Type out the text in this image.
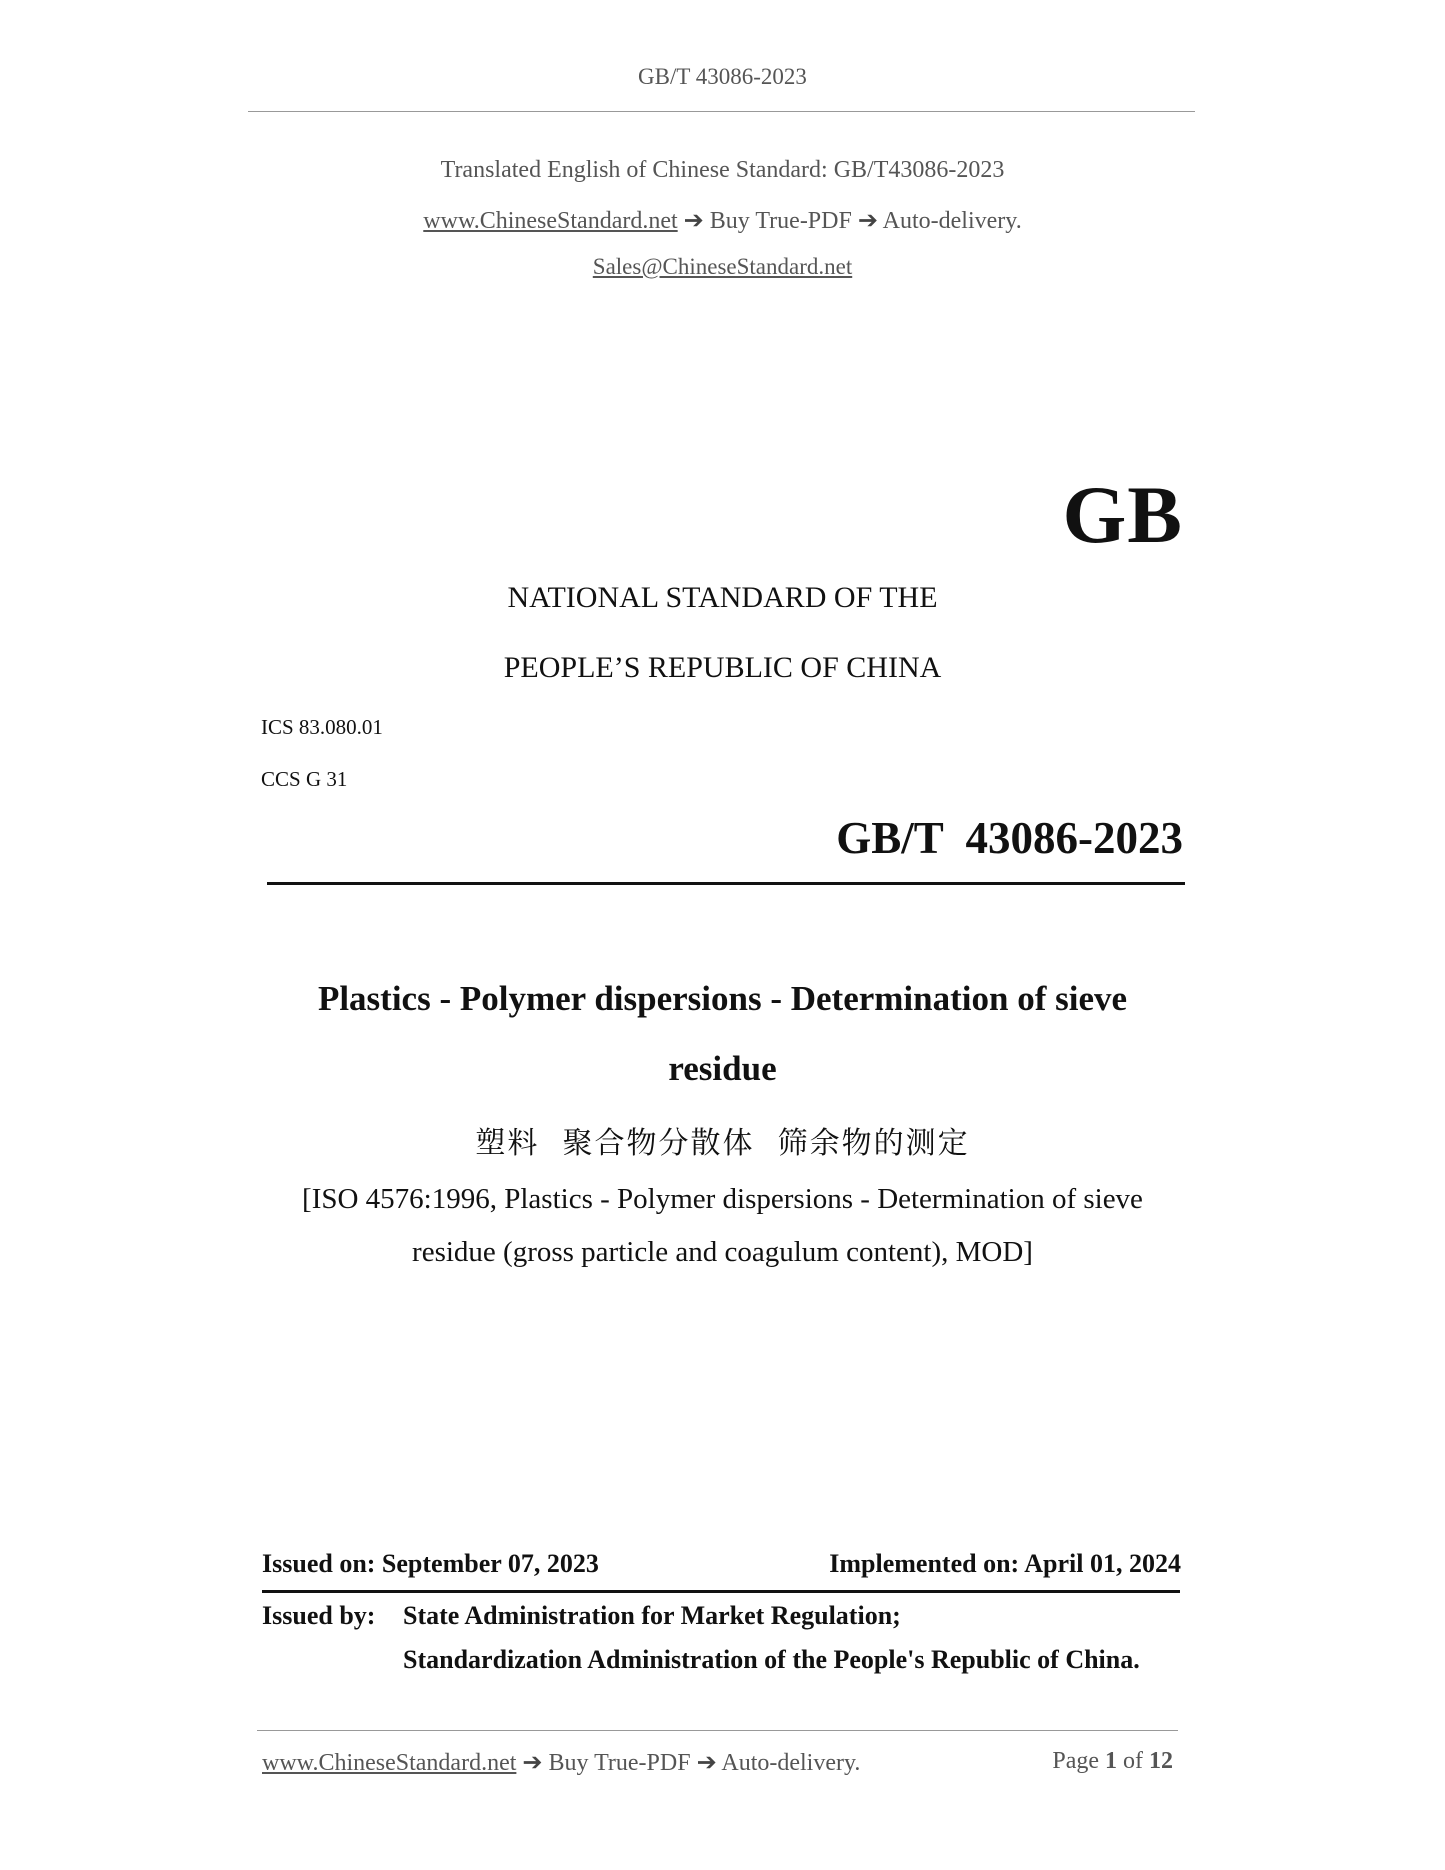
GB/T 43086-2023
Translated English of Chinese Standard: GB/T43086-2023
www.ChineseStandard.net ➔ Buy True-PDF ➔ Auto-delivery.
Sales@ChineseStandard.net
GB
NATIONAL STANDARD OF THE
PEOPLE’S REPUBLIC OF CHINA
ICS 83.080.01
CCS G 31
GB/T  43086-2023
Plastics - Polymer dispersions - Determination of sieve
residue
塑料  聚合物分散体  筛余物的测定
[ISO 4576:1996, Plastics - Polymer dispersions - Determination of sieve
residue (gross particle and coagulum content), MOD]
Issued on: September 07, 2023	Implemented on: April 01, 2024
Issued by: State Administration for Market Regulation;
Standardization Administration of the People's Republic of China.
www.ChineseStandard.net ➔ Buy True-PDF ➔ Auto-delivery.	Page 1 of 12
